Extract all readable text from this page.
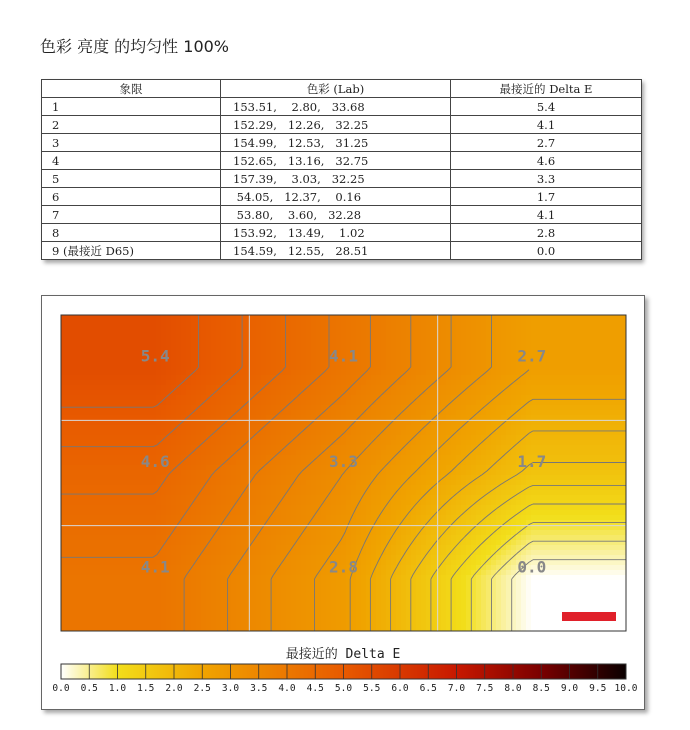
色彩 亮度 的均匀性 100%
象限	色彩 (Lab)	最接近的 Delta E
1	153.51,    2.80,   33.68	5.4
2	152.29,   12.26,   32.25	4.1
3	154.99,   12.53,   31.25	2.7
4	152.65,   13.16,   32.75	4.6
5	157.39,    3.03,   32.25	3.3
6	54.05,   12.37,    0.16	1.7
7	53.80,    3.60,   32.28	4.1
8	153.92,   13.49,    1.02	2.8
9 (最接近 D65)	154.59,   12.55,   28.51	0.0
5.4	4.1	2.7
4.6	3.3	1.7
4.1	2.8	0.0
最接近的 Delta E
0.0 0.5 1.0 1.5 2.0 2.5 3.0 3.5 4.0 4.5 5.0 5.5 6.0 6.5 7.0 7.5 8.0 8.5 9.0 9.5 10.0
